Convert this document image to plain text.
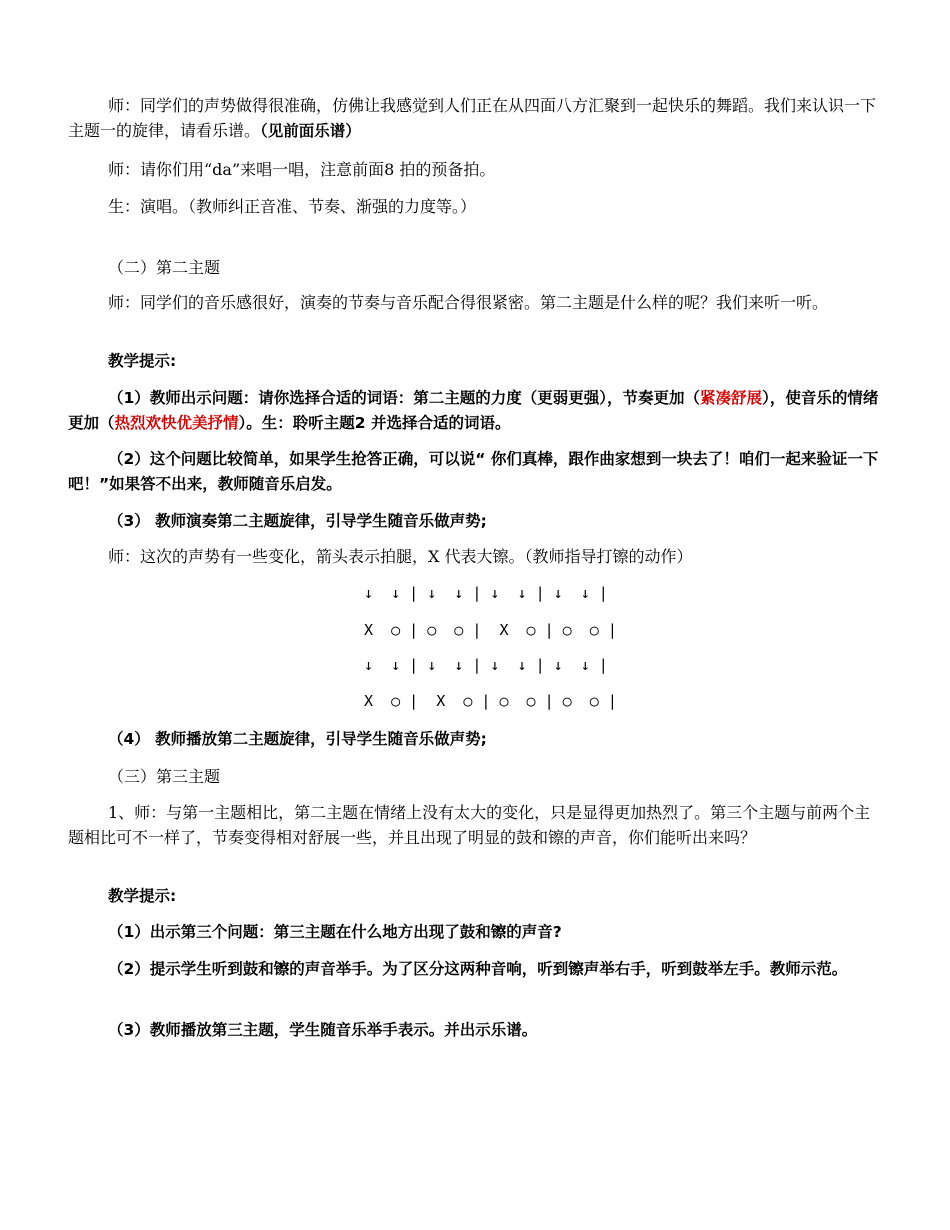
师：同学们的声势做得很准确，仿佛让我感觉到人们正在从四面八方汇聚到一起快乐的舞蹈。我们来认识一下主题一的旋律，请看乐谱。（见前面乐谱）

师：请你们用“da”来唱一唱，注意前面8 拍的预备拍。

生：演唱。（教师纠正音准、节奏、渐强的力度等。）

（二）第二主题

师：同学们的音乐感很好，演奏的节奏与音乐配合得很紧密。第二主题是什么样的呢？我们来听一听。

教学提示:

（1）教师出示问题：请你选择合适的词语：第二主题的力度（更弱更强），节奏更加（紧凑舒展），使音乐的情绪更加（热烈欢快优美抒情）。生：聆听主题2 并选择合适的词语。

（2）这个问题比较简单，如果学生抢答正确，可以说“ 你们真棒，跟作曲家想到一块去了！咱们一起来验证一下吧！”如果答不出来，教师随音乐启发。

（3） 教师演奏第二主题旋律，引导学生随音乐做声势;

师：这次的声势有一些变化，箭头表示拍腿，X 代表大镲。（教师指导打镲的动作）

↓  ↓ | ↓  ↓ | ↓  ↓ | ↓  ↓ |
X  ○ | ○  ○ |  X  ○ | ○  ○ |
↓  ↓ | ↓  ↓ | ↓  ↓ | ↓  ↓ |
X  ○ |  X  ○ | ○  ○ | ○  ○ |

（4） 教师播放第二主题旋律，引导学生随音乐做声势;

（三）第三主题

1、师：与第一主题相比，第二主题在情绪上没有太大的变化，只是显得更加热烈了。第三个主题与前两个主题相比可不一样了，节奏变得相对舒展一些，并且出现了明显的鼓和镲的声音，你们能听出来吗？

教学提示:

（1）出示第三个问题：第三主题在什么地方出现了鼓和镲的声音?

（2）提示学生听到鼓和镲的声音举手。为了区分这两种音响，听到镲声举右手，听到鼓举左手。教师示范。

（3）教师播放第三主题，学生随音乐举手表示。并出示乐谱。
